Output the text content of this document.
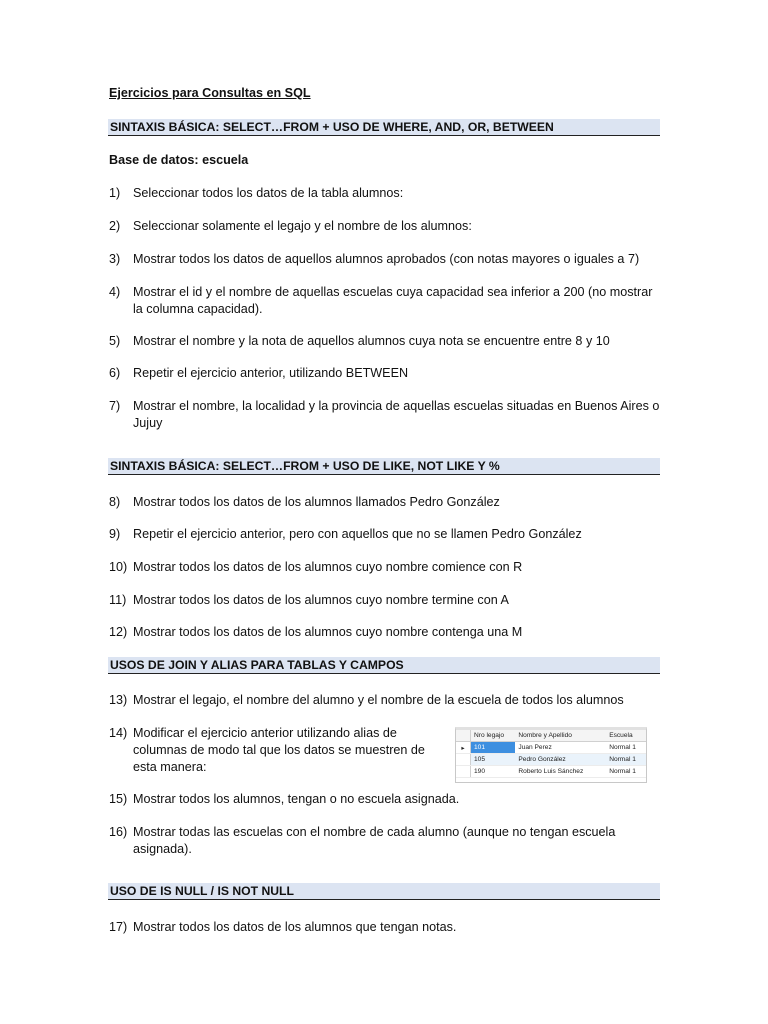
Ejercicios para Consultas en SQL
SINTAXIS BÁSICA: SELECT…FROM + USO DE WHERE, AND, OR, BETWEEN
Base de datos: escuela
1) Seleccionar todos los datos de la tabla alumnos:
2) Seleccionar solamente el legajo y el nombre de los alumnos:
3) Mostrar todos los datos de aquellos alumnos aprobados (con notas mayores o iguales a 7)
4) Mostrar el id y el nombre de aquellas escuelas cuya capacidad sea inferior a 200 (no mostrar la columna capacidad).
5) Mostrar el nombre y la nota de aquellos alumnos cuya nota se encuentre entre 8 y 10
6) Repetir el ejercicio anterior, utilizando BETWEEN
7) Mostrar el nombre, la localidad y la provincia de aquellas escuelas situadas en Buenos Aires o Jujuy
SINTAXIS BÁSICA: SELECT…FROM + USO DE LIKE, NOT LIKE Y %
8) Mostrar todos los datos de los alumnos llamados Pedro González
9) Repetir el ejercicio anterior, pero con aquellos que no se llamen Pedro González
10) Mostrar todos los datos de los alumnos cuyo nombre comience con R
11) Mostrar todos los datos de los alumnos cuyo nombre termine con A
12) Mostrar todos los datos de los alumnos cuyo nombre contenga una M
USOS DE JOIN Y ALIAS PARA TABLAS Y CAMPOS
13) Mostrar el legajo, el nombre del alumno y el nombre de la escuela de todos los alumnos
14) Modificar el ejercicio anterior utilizando alias de columnas de modo tal que los datos se muestren de esta manera:
	Nro legajo	Nombre y Apellido	Escuela
▸	101	Juan Perez	Normal 1
	105	Pedro González	Normal 1
	190	Roberto Luis Sánchez	Normal 1
15) Mostrar todos los alumnos, tengan o no escuela asignada.
16) Mostrar todas las escuelas con el nombre de cada alumno (aunque no tengan escuela asignada).
USO DE IS NULL / IS NOT NULL
17) Mostrar todos los datos de los alumnos que tengan notas.
